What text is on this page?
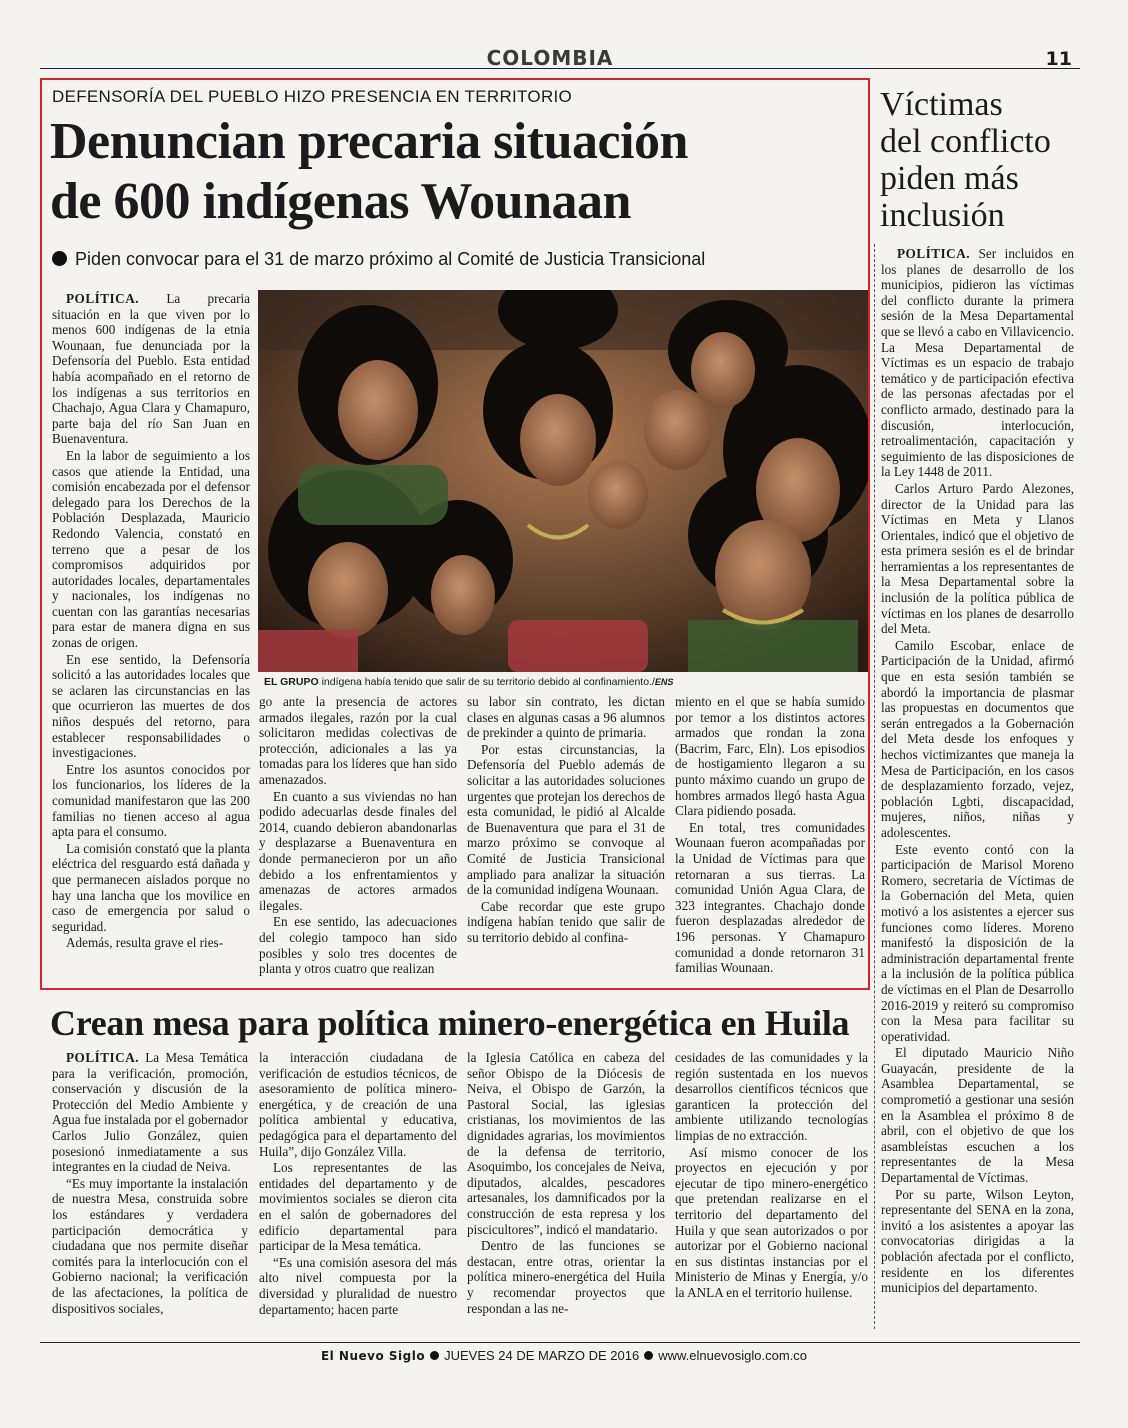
COLOMBIA	11
DEFENSORÍA DEL PUEBLO HIZO PRESENCIA EN TERRITORIO
Denuncian precaria situación
de 600 indígenas Wounaan
Piden convocar para el 31 de marzo próximo al Comité de Justicia Transicional

POLÍTICA. La precaria situación en la que viven por lo menos 600 indígenas de la etnia Wounaan, fue denunciada por la Defensoría del Pueblo. Esta entidad había acompañado en el retorno de los indígenas a sus territorios en Chachajo, Agua Clara y Chamapuro, parte baja del río San Juan en Buenaventura.

En la labor de seguimiento a los casos que atiende la Entidad, una comisión encabezada por el defensor delegado para los Derechos de la Población Desplazada, Mauricio Redondo Valencia, constató en terreno que a pesar de los compromisos adquiridos por autoridades locales, departamentales y nacionales, los indígenas no cuentan con las garantías necesarias para estar de manera digna en sus zonas de origen.

En ese sentido, la Defensoría solicitó a las autoridades locales que se aclaren las circunstancias en las que ocurrieron las muertes de dos niños después del retorno, para establecer responsabilidades o investigaciones.

Entre los asuntos conocidos por los funcionarios, los líderes de la comunidad manifestaron que las 200 familias no tienen acceso al agua apta para el consumo.

La comisión constató que la planta eléctrica del resguardo está dañada y que permanecen aislados porque no hay una lancha que los movilice en caso de emergencia por salud o seguridad.

Además, resulta grave el ries-

EL GRUPO indígena había tenido que salir de su territorio debido al confinamiento./ENS

go ante la presencia de actores armados ilegales, razón por la cual solicitaron medidas colectivas de protección, adicionales a las ya tomadas para los líderes que han sido amenazados.

En cuanto a sus viviendas no han podido adecuarlas desde finales del 2014, cuando debieron abandonarlas y desplazarse a Buenaventura en donde permanecieron por un año debido a los enfrentamientos y amenazas de actores armados ilegales.

En ese sentido, las adecuaciones del colegio tampoco han sido posibles y solo tres docentes de planta y otros cuatro que realizan

su labor sin contrato, les dictan clases en algunas casas a 96 alumnos de prekinder a quinto de primaria.

Por estas circunstancias, la Defensoría del Pueblo además de solicitar a las autoridades soluciones urgentes que protejan los derechos de esta comunidad, le pidió al Alcalde de Buenaventura que para el 31 de marzo próximo se convoque al Comité de Justicia Transicional ampliado para analizar la situación de la comunidad indígena Wounaan.

Cabe recordar que este grupo indígena habían tenido que salir de su territorio debido al confina-

miento en el que se había sumido por temor a los distintos actores armados que rondan la zona (Bacrim, Farc, Eln). Los episodios de hostigamiento llegaron a su punto máximo cuando un grupo de hombres armados llegó hasta Agua Clara pidiendo posada.

En total, tres comunidades Wounaan fueron acompañadas por la Unidad de Víctimas para que retornaran a sus tierras. La comunidad Unión Agua Clara, de 323 integrantes. Chachajo donde fueron desplazadas alrededor de 196 personas. Y Chamapuro comunidad a donde retornaron 31 familias Wounaan.

Víctimas
del conflicto
piden más
inclusión

POLÍTICA. Ser incluidos en los planes de desarrollo de los municipios, pidieron las víctimas del conflicto durante la primera sesión de la Mesa Departamental que se llevó a cabo en Villavicencio. La Mesa Departamental de Víctimas es un espacio de trabajo temático y de participación efectiva de las personas afectadas por el conflicto armado, destinado para la discusión, interlocución, retroalimentación, capacitación y seguimiento de las disposiciones de la Ley 1448 de 2011.

Carlos Arturo Pardo Alezones, director de la Unidad para las Víctimas en Meta y Llanos Orientales, indicó que el objetivo de esta primera sesión es el de brindar herramientas a los representantes de la Mesa Departamental sobre la inclusión de la política pública de víctimas en los planes de desarrollo del Meta.

Camilo Escobar, enlace de Participación de la Unidad, afirmó que en esta sesión también se abordó la importancia de plasmar las propuestas en documentos que serán entregados a la Gobernación del Meta desde los enfoques y hechos victimizantes que maneja la Mesa de Participación, en los casos de desplazamiento forzado, vejez, población Lgbti, discapacidad, mujeres, niños, niñas y adolescentes.

Este evento contó con la participación de Marisol Moreno Romero, secretaria de Víctimas de la Gobernación del Meta, quien motivó a los asistentes a ejercer sus funciones como líderes. Moreno manifestó la disposición de la administración departamental frente a la inclusión de la política pública de víctimas en el Plan de Desarrollo 2016-2019 y reiteró su compromiso con la Mesa para facilitar su operatividad.

El diputado Mauricio Niño Guayacán, presidente de la Asamblea Departamental, se comprometió a gestionar una sesión en la Asamblea el próximo 8 de abril, con el objetivo de que los asambleístas escuchen a los representantes de la Mesa Departamental de Víctimas.

Por su parte, Wilson Leyton, representante del SENA en la zona, invitó a los asistentes a apoyar las convocatorias dirigidas a la población afectada por el conflicto, residente en los diferentes municipios del departamento.

Crean mesa para política minero-energética en Huila

POLÍTICA. La Mesa Temática para la verificación, promoción, conservación y discusión de la Protección del Medio Ambiente y Agua fue instalada por el gobernador Carlos Julio González, quien posesionó inmediatamente a sus integrantes en la ciudad de Neiva.

“Es muy importante la instalación de nuestra Mesa, construida sobre los estándares y verdadera participación democrática y ciudadana que nos permite diseñar comités para la interlocución con el Gobierno nacional; la verificación de las afectaciones, la política de dispositivos sociales,

la interacción ciudadana de verificación de estudios técnicos, de asesoramiento de política minero-energética, y de creación de una política ambiental y educativa, pedagógica para el departamento del Huila”, dijo González Villa.

Los representantes de las entidades del departamento y de movimientos sociales se dieron cita en el salón de gobernadores del edificio departamental para participar de la Mesa temática.

“Es una comisión asesora del más alto nivel compuesta por la diversidad y pluralidad de nuestro departamento; hacen parte

la Iglesia Católica en cabeza del señor Obispo de la Diócesis de Neiva, el Obispo de Garzón, la Pastoral Social, las iglesias cristianas, los movimientos de las dignidades agrarias, los movimientos de la defensa de territorio, Asoquimbo, los concejales de Neiva, diputados, alcaldes, pescadores artesanales, los damnificados por la construcción de esta represa y los piscicultores”, indicó el mandatario.

Dentro de las funciones se destacan, entre otras, orientar la política minero-energética del Huila y recomendar proyectos que respondan a las ne-

cesidades de las comunidades y la región sustentada en los nuevos desarrollos científicos técnicos que garanticen la protección del ambiente utilizando tecnologías limpias de no extracción.

Así mismo conocer de los proyectos en ejecución y por ejecutar de tipo minero-energético que pretendan realizarse en el territorio del departamento del Huila y que sean autorizados o por autorizar por el Gobierno nacional en sus distintas instancias por el Ministerio de Minas y Energía, y/o la ANLA en el territorio huilense.

El Nuevo Siglo JUEVES 24 DE MARZO DE 2016 www.elnuevosiglo.com.co
